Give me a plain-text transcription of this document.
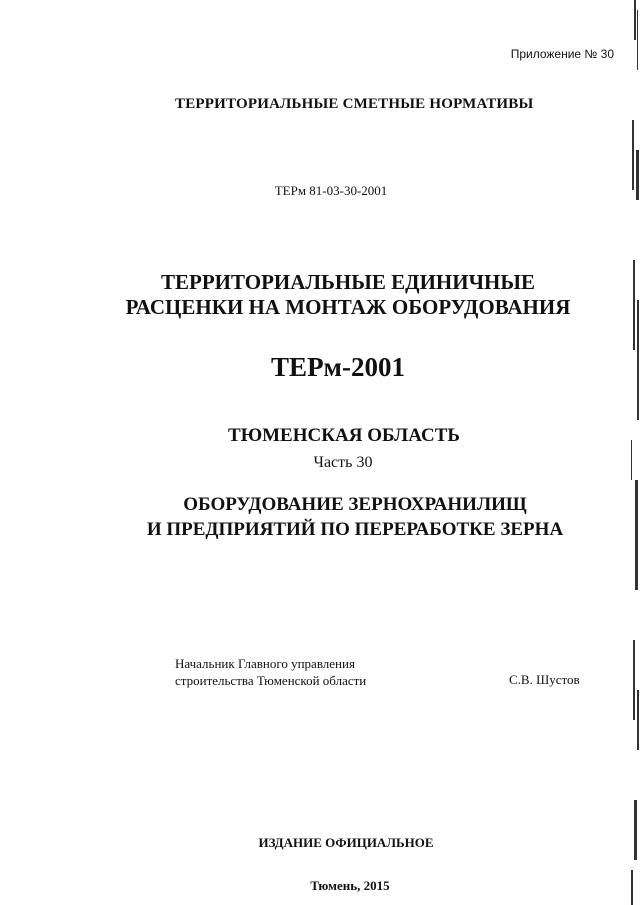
Приложение № 30
ТЕРРИТОРИАЛЬНЫЕ СМЕТНЫЕ НОРМАТИВЫ
ТЕРм 81-03-30-2001
ТЕРРИТОРИАЛЬНЫЕ ЕДИНИЧНЫЕ
РАСЦЕНКИ НА МОНТАЖ ОБОРУДОВАНИЯ
ТЕРм-2001
ТЮМЕНСКАЯ ОБЛАСТЬ
Часть 30
ОБОРУДОВАНИЕ ЗЕРНОХРАНИЛИЩ
И ПРЕДПРИЯТИЙ ПО ПЕРЕРАБОТКЕ ЗЕРНА
Начальник Главного управления
строительства Тюменской области	С.В. Шустов
ИЗДАНИЕ ОФИЦИАЛЬНОЕ
Тюмень, 2015
